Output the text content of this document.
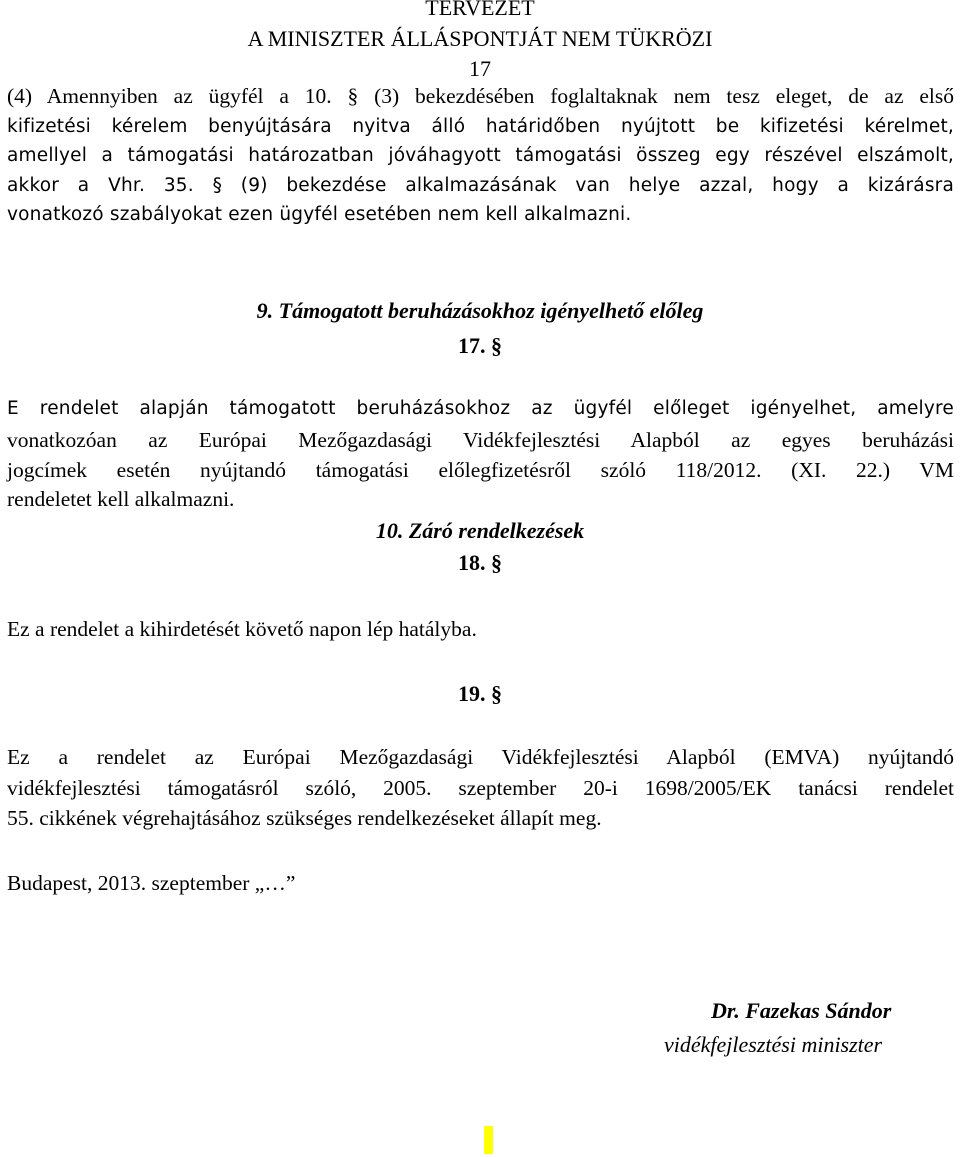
TERVEZET
A MINISZTER ÁLLÁSPONTJÁT NEM TÜKRÖZI
17
(4) Amennyiben az ügyfél a 10. § (3) bekezdésében foglaltaknak nem tesz eleget, de az első
kifizetési kérelem benyújtására nyitva álló határidőben nyújtott be kifizetési kérelmet,
amellyel a támogatási határozatban jóváhagyott támogatási összeg egy részével elszámolt,
akkor a Vhr. 35. § (9) bekezdése alkalmazásának van helye azzal, hogy a kizárásra
vonatkozó szabályokat ezen ügyfél esetében nem kell alkalmazni.
9. Támogatott beruházásokhoz igényelhető előleg
17. §
E rendelet alapján támogatott beruházásokhoz az ügyfél előleget igényelhet, amelyre
vonatkozóan az Európai Mezőgazdasági Vidékfejlesztési Alapból az egyes beruházási
jogcímek esetén nyújtandó támogatási előlegfizetésről szóló 118/2012. (XI. 22.) VM
rendeletet kell alkalmazni.
10. Záró rendelkezések
18. §
Ez a rendelet a kihirdetését követő napon lép hatályba.
19. §
Ez a rendelet az Európai Mezőgazdasági Vidékfejlesztési Alapból (EMVA) nyújtandó
vidékfejlesztési támogatásról szóló, 2005. szeptember 20-i 1698/2005/EK tanácsi rendelet
55. cikkének végrehajtásához szükséges rendelkezéseket állapít meg.
Budapest, 2013. szeptember „…”
Dr. Fazekas Sándor
vidékfejlesztési miniszter
